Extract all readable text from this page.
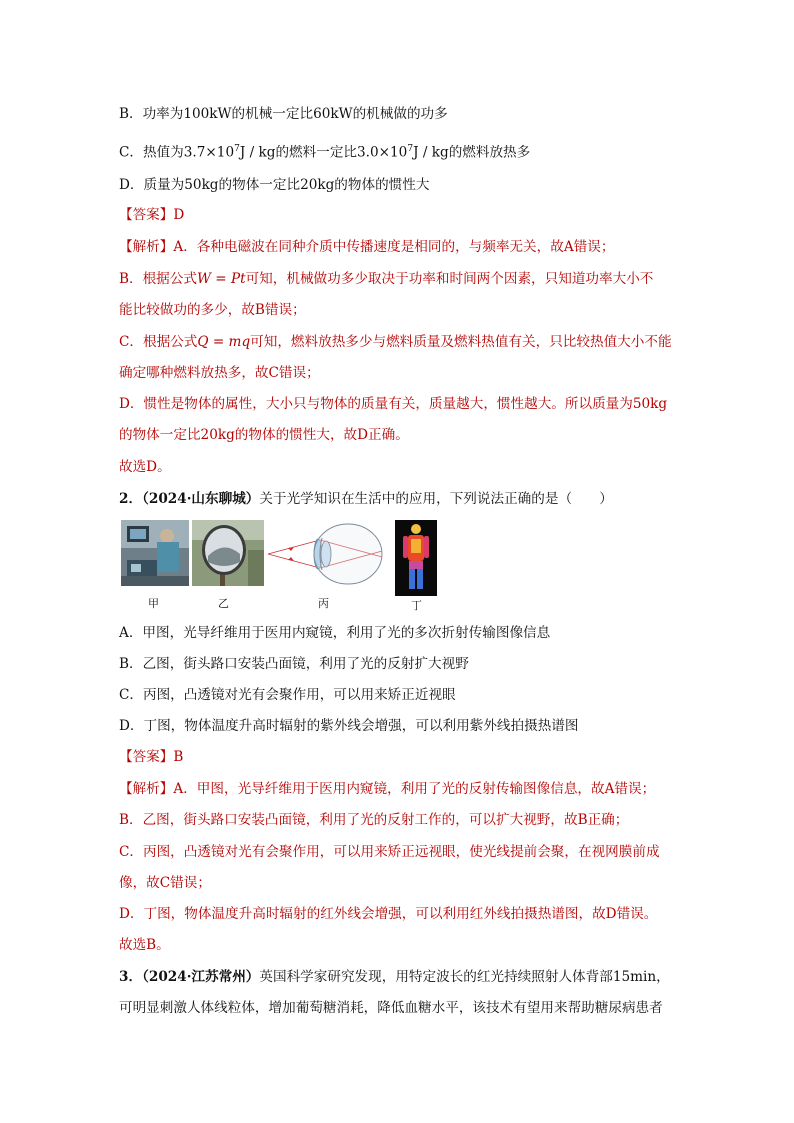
B．功率为100kW的机械一定比60kW的机械做的功多
C．热值为$3.7\times 10^7J$ / kg的燃料一定比$3.0\times 10^7J$ / kg的燃料放热多
D．质量为50kg的物体一定比20kg的物体的惯性大
【答案】D
【解析】A．各种电磁波在同种介质中传播速度是相同的，与频率无关，故A错误；
B．根据公式W = Pt可知，机械做功多少取决于功率和时间两个因素，只知道功率大小不
能比较做功的多少，故B错误；
C．根据公式Q = mq可知，燃料放热多少与燃料质量及燃料热值有关，只比较热值大小不能
确定哪种燃料放热多，故C错误；
D．惯性是物体的属性，大小只与物体的质量有关，质量越大，惯性越大。所以质量为50kg
的物体一定比20kg的物体的惯性大，故D正确。
故选D。
2．（2024·山东聊城）关于光学知识在生活中的应用，下列说法正确的是（　　）
甲	乙	丙	丁
A．甲图，光导纤维用于医用内窥镜，利用了光的多次折射传输图像信息
B．乙图，街头路口安装凸面镜，利用了光的反射扩大视野
C．丙图，凸透镜对光有会聚作用，可以用来矫正近视眼
D．丁图，物体温度升高时辐射的紫外线会增强，可以利用紫外线拍摄热谱图
【答案】B
【解析】A．甲图，光导纤维用于医用内窥镜，利用了光的反射传输图像信息，故A错误；
B．乙图，街头路口安装凸面镜，利用了光的反射工作的，可以扩大视野，故B正确；
C．丙图，凸透镜对光有会聚作用，可以用来矫正远视眼，使光线提前会聚，在视网膜前成
像，故C错误；
D．丁图，物体温度升高时辐射的红外线会增强，可以利用红外线拍摄热谱图，故D错误。
故选B。
3．（2024·江苏常州）英国科学家研究发现，用特定波长的红光持续照射人体背部15min，
可明显刺激人体线粒体，增加葡萄糖消耗，降低血糖水平，该技术有望用来帮助糖尿病患者
